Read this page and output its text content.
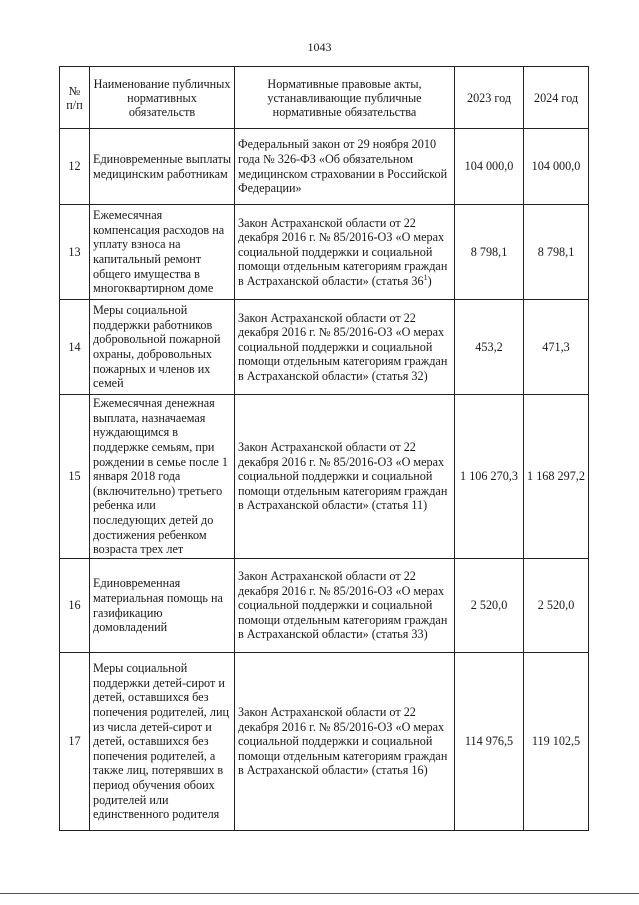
1043
№ п/п	Наименование публичных нормативных обязательств	Нормативные правовые акты, устанавливающие публичные нормативные обязательства	2023 год	2024 год
12	Единовременные выплаты медицинским работникам	Федеральный закон от 29 ноября 2010 года № 326-ФЗ «Об обязательном медицинском страховании в Российской Федерации»	104 000,0	104 000,0
13	Ежемесячная компенсация расходов на уплату взноса на капитальный ремонт общего имущества в многоквартирном доме	Закон Астраханской области от 22 декабря 2016 г. № 85/2016-ОЗ «О мерах социальной поддержки и социальной помощи отдельным категориям граждан в Астраханской области» (статья $36^1$)	8 798,1	8 798,1
14	Меры социальной поддержки работников добровольной пожарной охраны, добровольных пожарных и членов их семей	Закон Астраханской области от 22 декабря 2016 г. № 85/2016-ОЗ «О мерах социальной поддержки и социальной помощи отдельным категориям граждан в Астраханской области» (статья 32)	453,2	471,3
15	Ежемесячная денежная выплата, назначаемая нуждающимся в поддержке семьям, при рождении в семье после 1 января 2018 года (включительно) третьего ребенка или последующих детей до достижения ребенком возраста трех лет	Закон Астраханской области от 22 декабря 2016 г. № 85/2016-ОЗ «О мерах социальной поддержки и социальной помощи отдельным категориям граждан в Астраханской области» (статья 11)	1 106 270,3	1 168 297,2
16	Единовременная материальная помощь на газификацию домовладений	Закон Астраханской области от 22 декабря 2016 г. № 85/2016-ОЗ «О мерах социальной поддержки и социальной помощи отдельным категориям граждан в Астраханской области» (статья 33)	2 520,0	2 520,0
17	Меры социальной поддержки детей-сирот и детей, оставшихся без попечения родителей, лиц из числа детей-сирот и детей, оставшихся без попечения родителей, а также лиц, потерявших в период обучения обоих родителей или единственного родителя	Закон Астраханской области от 22 декабря 2016 г. № 85/2016-ОЗ «О мерах социальной поддержки и социальной помощи отдельным категориям граждан в Астраханской области» (статья 16)	114 976,5	119 102,5
